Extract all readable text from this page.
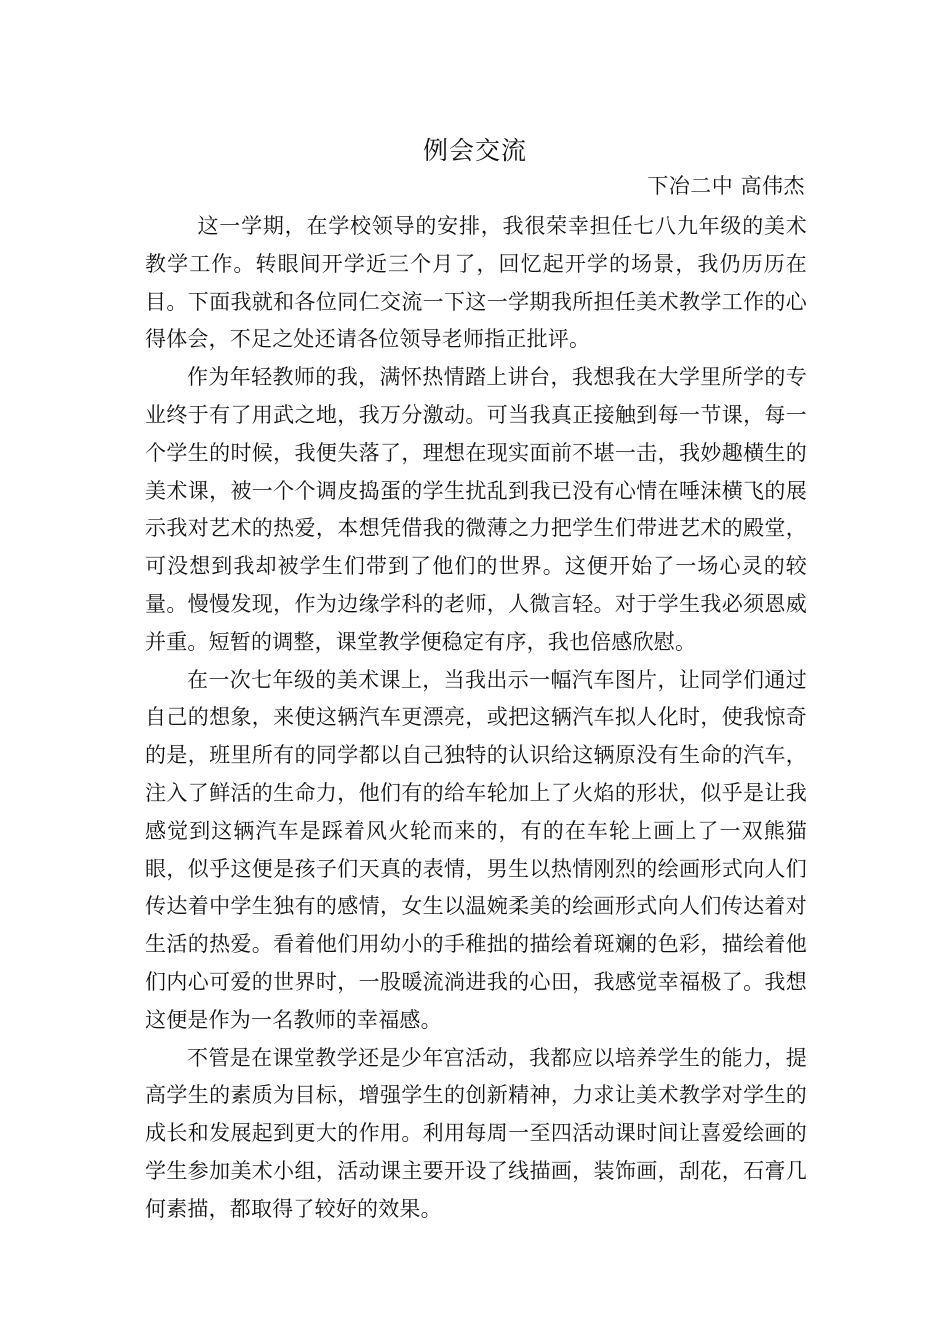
例会交流
下冶二中 高伟杰

这一学期，在学校领导的安排，我很荣幸担任七八九年级的美术教学工作。转眼间开学近三个月了，回忆起开学的场景，我仍历历在目。下面我就和各位同仁交流一下这一学期我所担任美术教学工作的心得体会，不足之处还请各位领导老师指正批评。

作为年轻教师的我，满怀热情踏上讲台，我想我在大学里所学的专业终于有了用武之地，我万分激动。可当我真正接触到每一节课，每一个学生的时候，我便失落了，理想在现实面前不堪一击，我妙趣横生的美术课，被一个个调皮捣蛋的学生扰乱到我已没有心情在唾沫横飞的展示我对艺术的热爱，本想凭借我的微薄之力把学生们带进艺术的殿堂，可没想到我却被学生们带到了他们的世界。这便开始了一场心灵的较量。慢慢发现，作为边缘学科的老师，人微言轻。对于学生我必须恩威并重。短暂的调整，课堂教学便稳定有序，我也倍感欣慰。

在一次七年级的美术课上，当我出示一幅汽车图片，让同学们通过自己的想象，来使这辆汽车更漂亮，或把这辆汽车拟人化时，使我惊奇的是，班里所有的同学都以自己独特的认识给这辆原没有生命的汽车，注入了鲜活的生命力，他们有的给车轮加上了火焰的形状，似乎是让我感觉到这辆汽车是踩着风火轮而来的，有的在车轮上画上了一双熊猫眼，似乎这便是孩子们天真的表情，男生以热情刚烈的绘画形式向人们传达着中学生独有的感情，女生以温婉柔美的绘画形式向人们传达着对生活的热爱。看着他们用幼小的手稚拙的描绘着斑斓的色彩，描绘着他们内心可爱的世界时，一股暖流淌进我的心田，我感觉幸福极了。我想这便是作为一名教师的幸福感。

不管是在课堂教学还是少年宫活动，我都应以培养学生的能力，提高学生的素质为目标，增强学生的创新精神，力求让美术教学对学生的成长和发展起到更大的作用。利用每周一至四活动课时间让喜爱绘画的学生参加美术小组，活动课主要开设了线描画，装饰画，刮花，石膏几何素描，都取得了较好的效果。
